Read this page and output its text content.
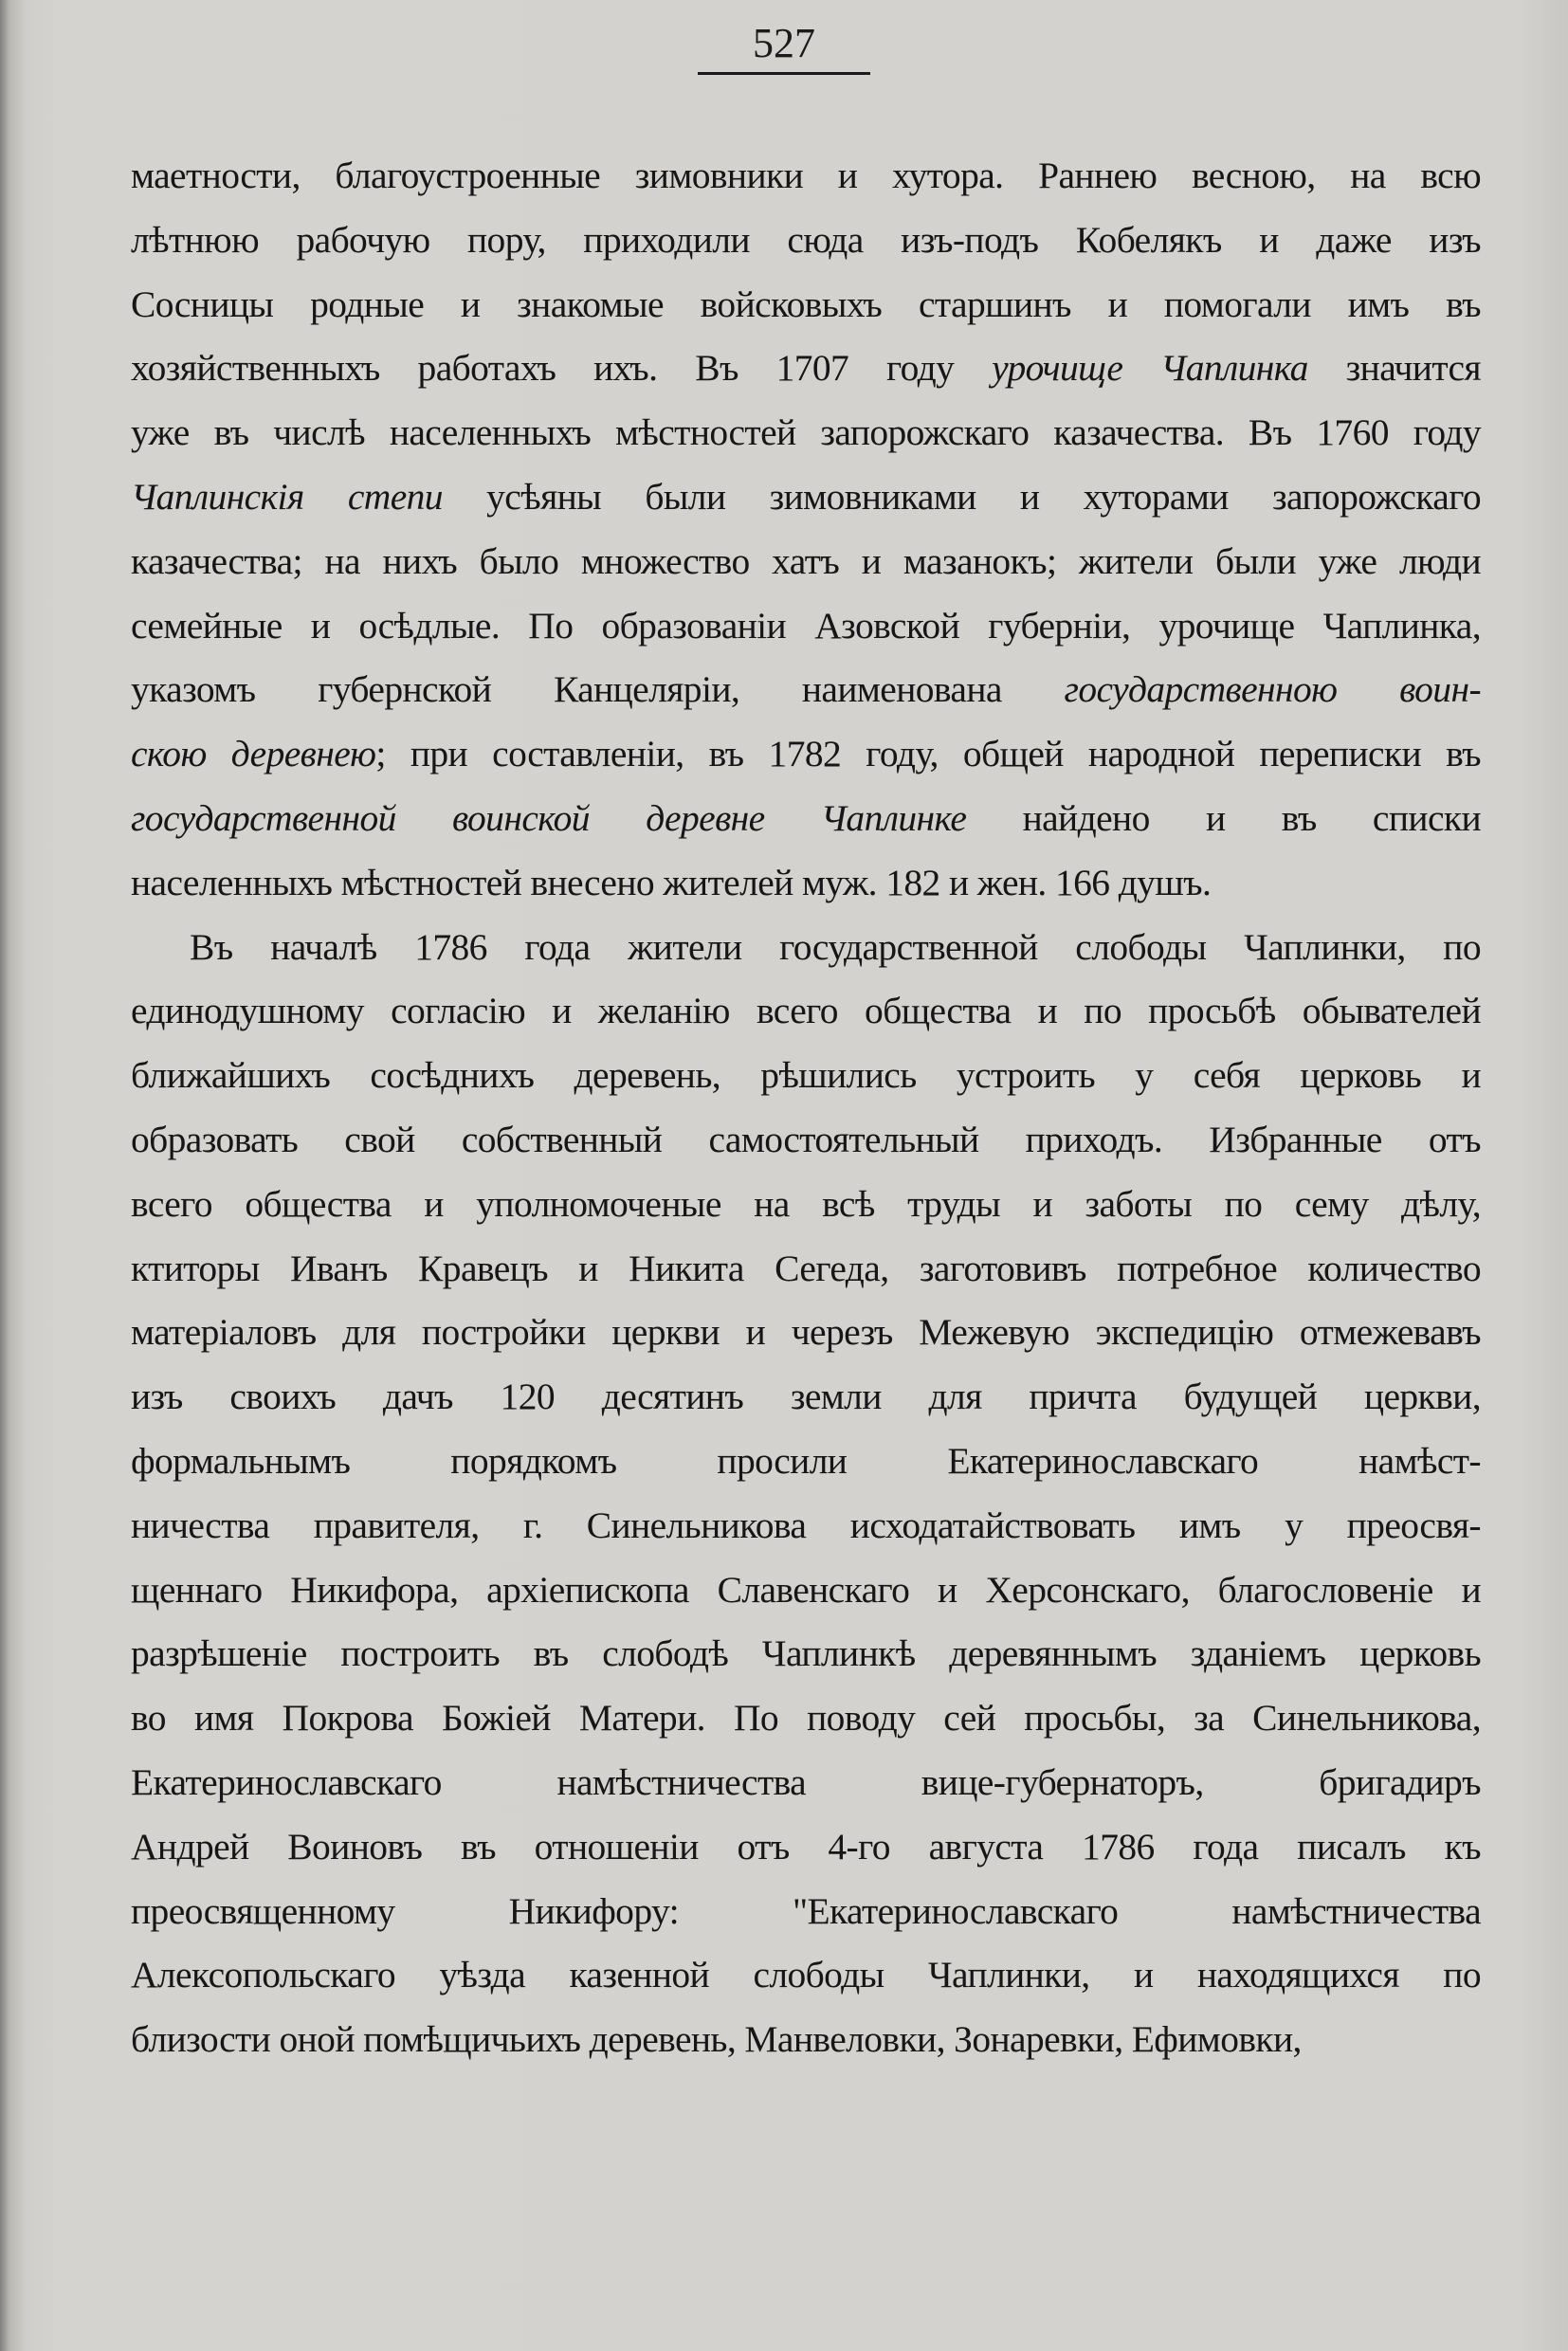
527
маетности, благоустроенные зимовники и хутора. Раннею весною, на всю
лѣтнюю рабочую пору, приходили сюда изъ-подъ Кобелякъ и даже изъ
Сосницы родные и знакомые войсковыхъ старшинъ и помогали имъ въ
хозяйственныхъ работахъ ихъ. Въ 1707 году урочище Чаплинка значится
уже въ числѣ населенныхъ мѣстностей запорожскаго казачества. Въ 1760 году
Чаплинскія степи усѣяны были зимовниками и хуторами запорожскаго
казачества; на нихъ было множество хатъ и мазанокъ; жители были уже люди
семейные и осѣдлые. По образованіи Азовской губерніи, урочище Чаплинка,
указомъ губернской Канцеляріи, наименована государственною воин-
скою деревнею; при составленіи, въ 1782 году, общей народной переписки въ
государственной воинской деревне Чаплинке найдено и въ списки
населенныхъ мѣстностей внесено жителей муж. 182 и жен. 166 душъ.
Въ началѣ 1786 года жители государственной слободы Чаплинки, по
единодушному согласію и желанію всего общества и по просьбѣ обывателей
ближайшихъ сосѣднихъ деревень, рѣшились устроить у себя церковь и
образовать свой собственный самостоятельный приходъ. Избранные отъ
всего общества и уполномоченые на всѣ труды и заботы по сему дѣлу,
ктиторы Иванъ Кравецъ и Никита Сегеда, заготовивъ потребное количество
матеріаловъ для постройки церкви и черезъ Межевую экспедицію отмежевавъ
изъ своихъ дачъ 120 десятинъ земли для причта будущей церкви,
формальнымъ порядкомъ просили Екатеринославскаго намѣст-
ничества правителя, г. Синельникова исходатайствовать имъ у преосвя-
щеннаго Никифора, архіепископа Славенскаго и Херсонскаго, благословеніе и
разрѣшеніе построить въ слободѣ Чаплинкѣ деревяннымъ зданіемъ церковь
во имя Покрова Божіей Матери. По поводу сей просьбы, за Синельникова,
Екатеринославскаго намѣстничества вице-губернаторъ, бригадиръ
Андрей Воиновъ въ отношеніи отъ 4-го августа 1786 года писалъ къ
преосвященному Никифору: "Екатеринославскаго намѣстничества
Алексопольскаго уѣзда казенной слободы Чаплинки, и находящихся по
близости оной помѣщичьихъ деревень, Манвеловки, Зонаревки, Ефимовки,
